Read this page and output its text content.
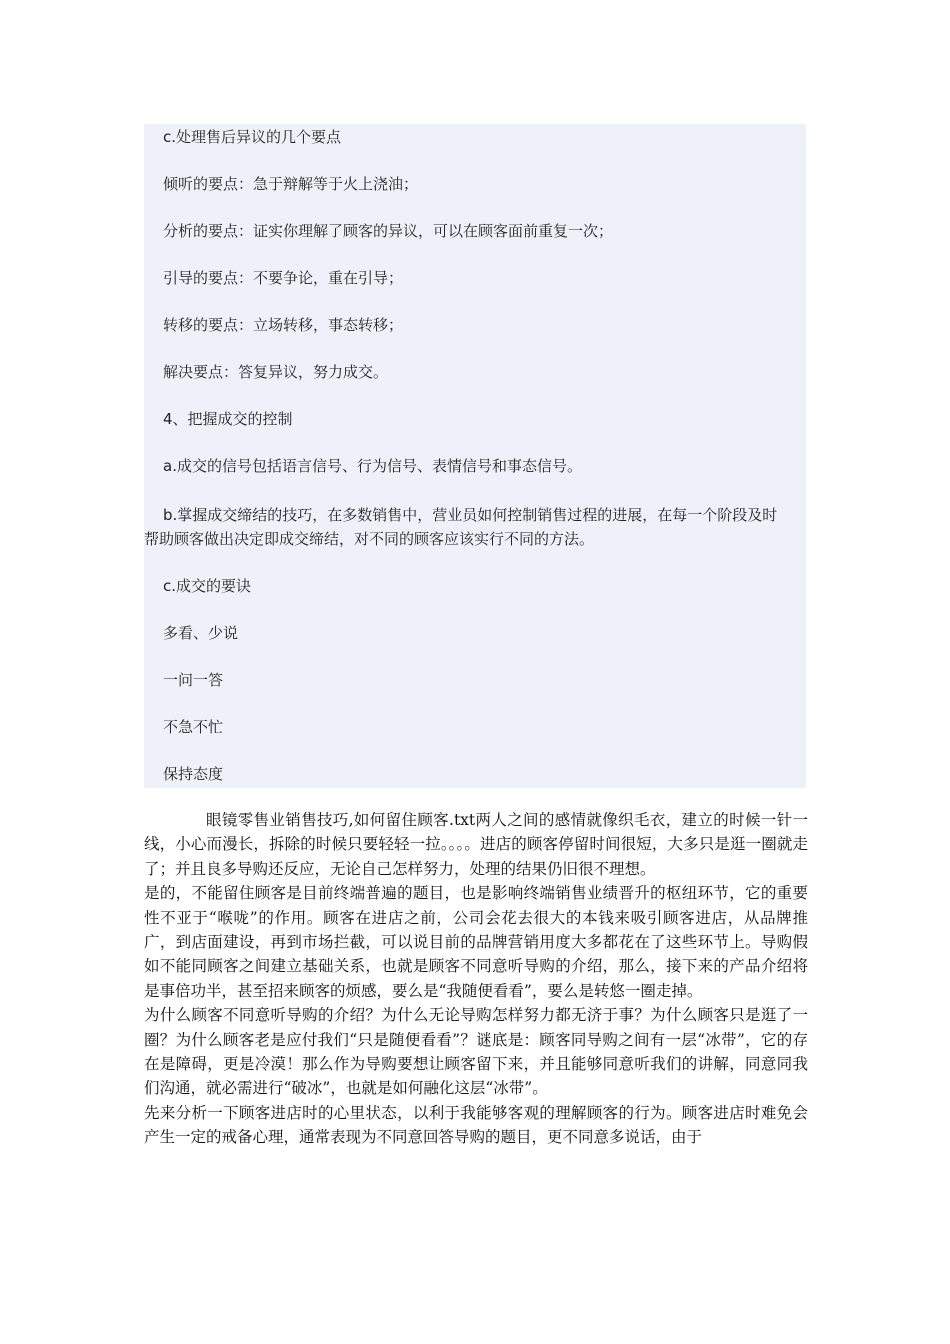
c.处理售后异议的几个要点
倾听的要点：急于辩解等于火上浇油；
分析的要点：证实你理解了顾客的异议，可以在顾客面前重复一次；
引导的要点：不要争论，重在引导；
转移的要点：立场转移，事态转移；
解决要点：答复异议，努力成交。
4、把握成交的控制
a.成交的信号包括语言信号、行为信号、表情信号和事态信号。
b.掌握成交缔结的技巧，在多数销售中，营业员如何控制销售过程的进展，在每一个阶段及时帮助顾客做出决定即成交缔结，对不同的顾客应该实行不同的方法。
c.成交的要诀
多看、少说
一问一答
不急不忙
保持态度

眼镜零售业销售技巧,如何留住顾客.txt两人之间的感情就像织毛衣，建立的时候一针一线，小心而漫长，拆除的时候只要轻轻一拉。。。。进店的顾客停留时间很短，大多只是逛一圈就走了；并且良多导购还反应，无论自己怎样努力，处理的结果仍旧很不理想。

是的，不能留住顾客是目前终端普遍的题目，也是影响终端销售业绩晋升的枢纽环节，它的重要性不亚于“喉咙”的作用。顾客在进店之前，公司会花去很大的本钱来吸引顾客进店，从品牌推广，到店面建设，再到市场拦截，可以说目前的品牌营销用度大多都花在了这些环节上。导购假如不能同顾客之间建立基础关系，也就是顾客不同意听导购的介绍，那么，接下来的产品介绍将是事倍功半，甚至招来顾客的烦感，要么是“我随便看看”，要么是转悠一圈走掉。

为什么顾客不同意听导购的介绍？为什么无论导购怎样努力都无济于事？为什么顾客只是逛了一圈？为什么顾客老是应付我们“只是随便看看”？谜底是：顾客同导购之间有一层“冰带”，它的存在是障碍，更是冷漠！那么作为导购要想让顾客留下来，并且能够同意听我们的讲解，同意同我们沟通，就必需进行“破冰”，也就是如何融化这层“冰带”。

先来分析一下顾客进店时的心里状态，以利于我能够客观的理解顾客的行为。顾客进店时难免会产生一定的戒备心理，通常表现为不同意回答导购的题目，更不同意多说话，由于
